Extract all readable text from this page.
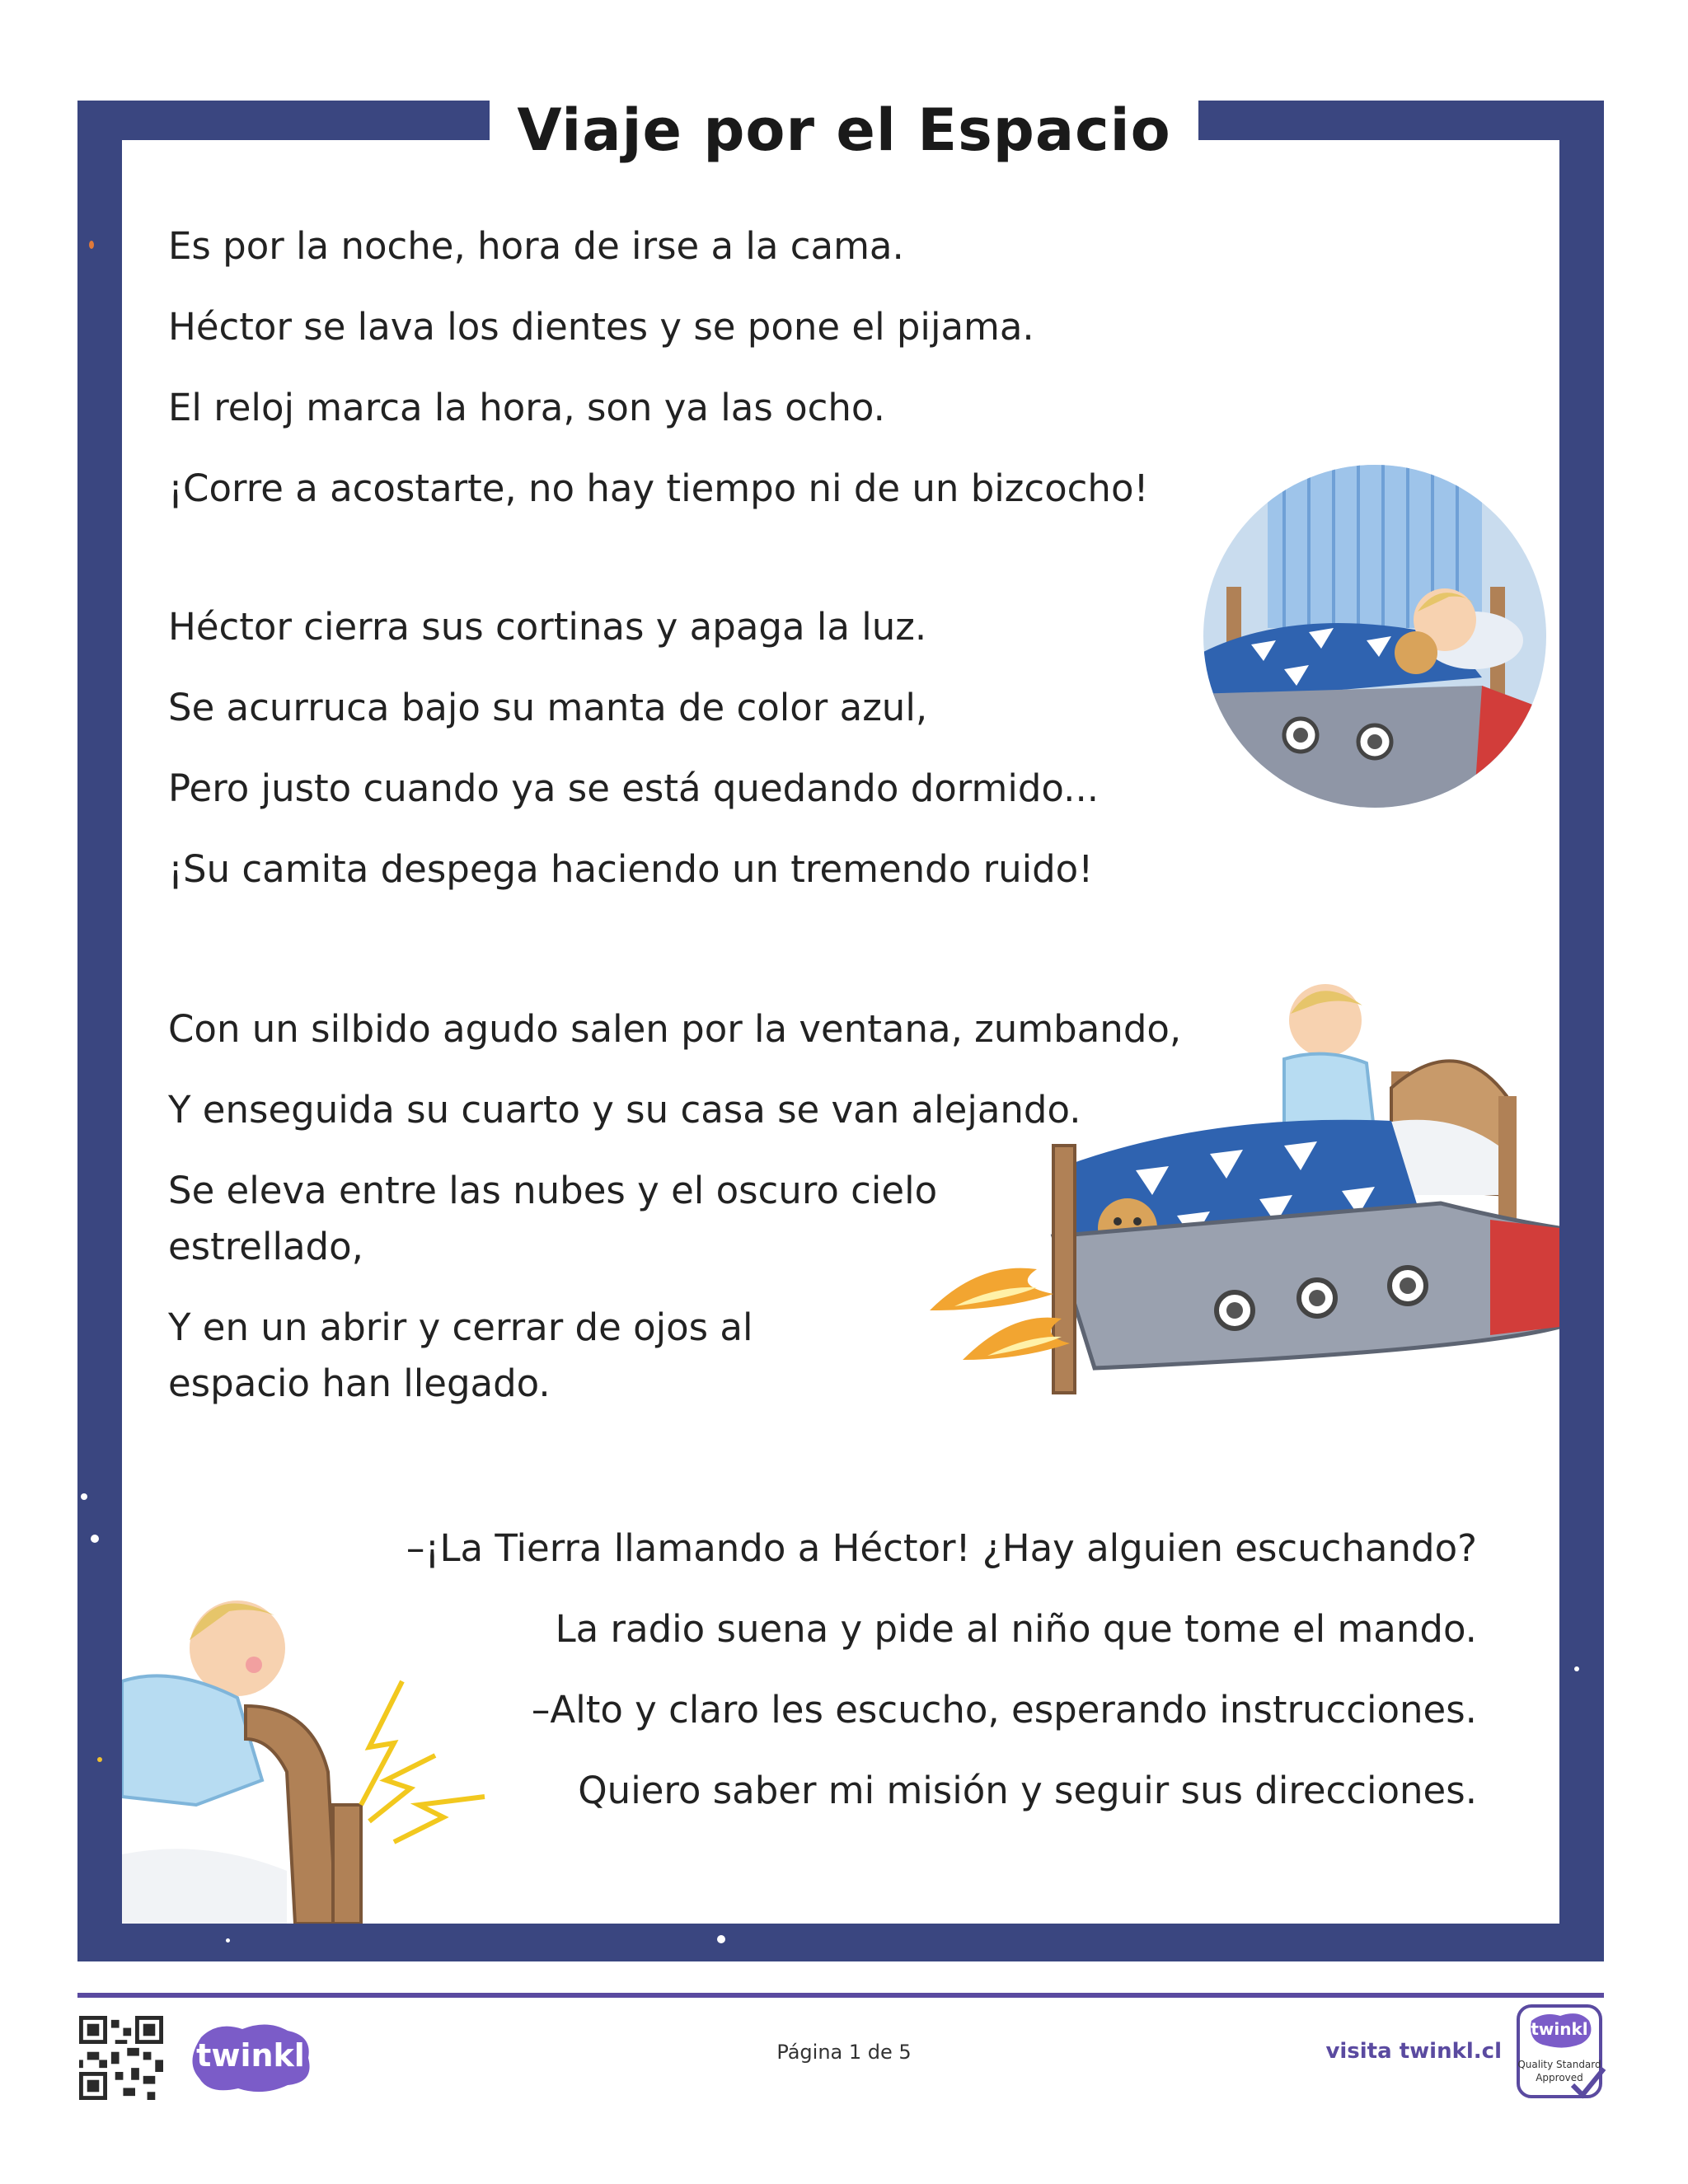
Es por la noche, hora de irse a la cama.
Héctor se lava los dientes y se pone el pijama.
El reloj marca la hora, son ya las ocho.
¡Corre a acostarte, no hay tiempo ni de un bizcocho!
Héctor cierra sus cortinas y apaga la luz.
Se acurruca bajo su manta de color azul,
Pero justo cuando ya se está quedando dormido...
¡Su camita despega haciendo un tremendo ruido!
Con un silbido agudo salen por la ventana, zumbando,
Y enseguida su cuarto y su casa se van alejando.
Se eleva entre las nubes y el oscuro cielo
estrellado,
Y en un abrir y cerrar de ojos al
espacio han llegado.
–¡La Tierra llamando a Héctor! ¿Hay alguien escuchando?
La radio suena y pide al niño que tome el mando.
–Alto y claro les escucho, esperando instrucciones.
Quiero saber mi misión y seguir sus direcciones.
Viaje por el Espacio
twinkl	Página 1 de 5	visita twinkl.cl
twinkl
Quality Standard
Approved
